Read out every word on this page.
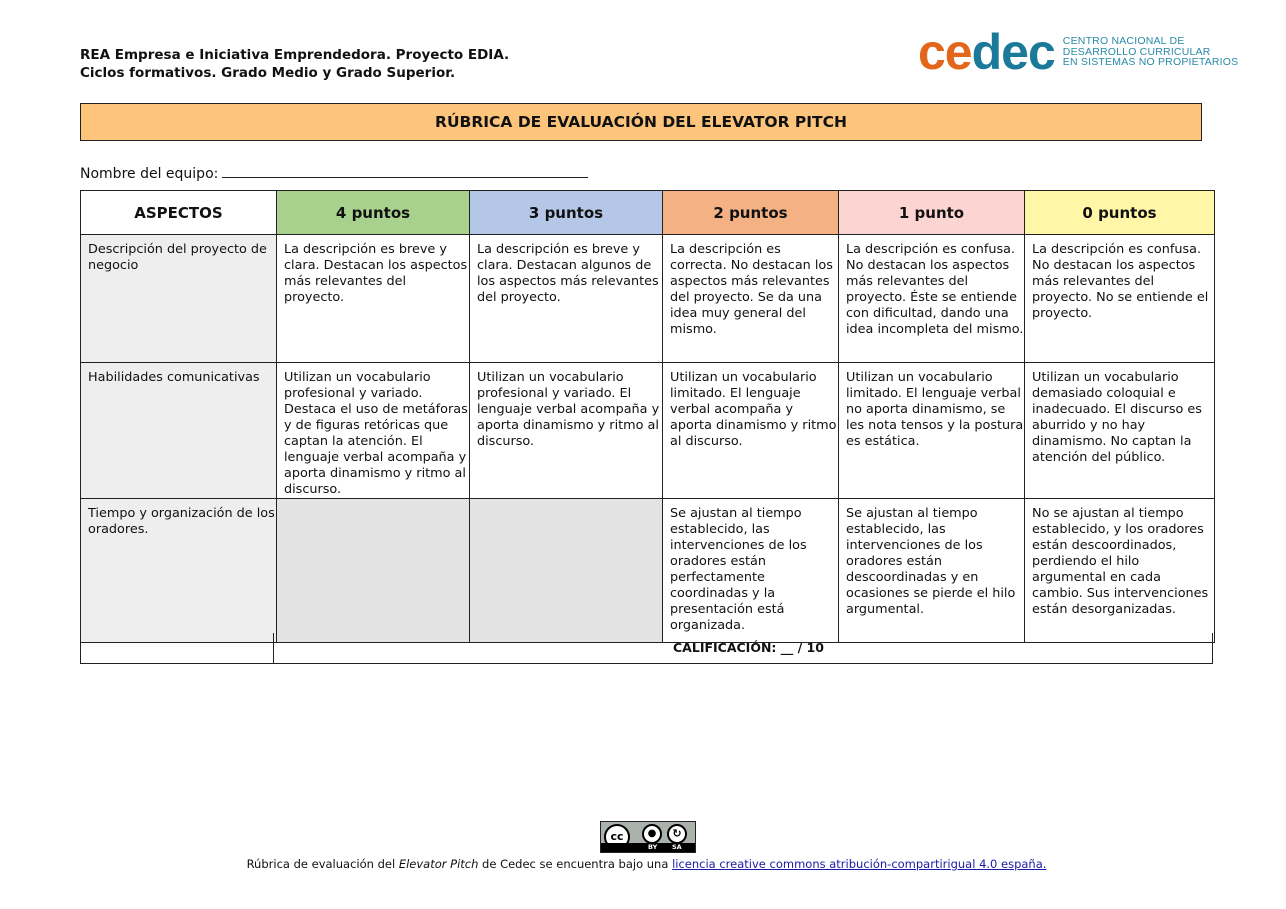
REA Empresa e Iniciativa Emprendedora. Proyecto EDIA.
Ciclos formativos. Grado Medio y Grado Superior.	cedec CENTRO NACIONAL DE
DESARROLLO CURRICULAR
EN SISTEMAS NO PROPIETARIOS
RÚBRICA DE EVALUACIÓN DEL ELEVATOR PITCH
Nombre del equipo:
ASPECTOS	4 puntos	3 puntos	2 puntos	1 punto	0 puntos
Descripción del proyecto de negocio	La descripción es breve y clara. Destacan los aspectos más relevantes del proyecto.	La descripción es breve y clara. Destacan algunos de los aspectos más relevantes del proyecto.	La descripción es correcta. No destacan los aspectos más relevantes del proyecto. Se da una idea muy general del mismo.	La descripción es confusa. No destacan los aspectos más relevantes del proyecto. Éste se entiende con dificultad, dando una idea incompleta del mismo.	La descripción es confusa. No destacan los aspectos más relevantes del proyecto. No se entiende el proyecto.
Habilidades comunicativas	Utilizan un vocabulario profesional y variado. Destaca el uso de metáforas y de figuras retóricas que captan la atención. El lenguaje verbal acompaña y aporta dinamismo y ritmo al discurso.	Utilizan un vocabulario profesional y variado. El lenguaje verbal acompaña y aporta dinamismo y ritmo al discurso.	Utilizan un vocabulario limitado. El lenguaje verbal acompaña y aporta dinamismo y ritmo al discurso.	Utilizan un vocabulario limitado. El lenguaje verbal no aporta dinamismo, se les nota tensos y la postura es estática.	Utilizan un vocabulario demasiado coloquial e inadecuado. El discurso es aburrido y no hay dinamismo. No captan la atención del público.
Tiempo y organización de los oradores.			Se ajustan al tiempo establecido, las intervenciones de los oradores están perfectamente coordinadas y la presentación está organizada.	Se ajustan al tiempo establecido, las intervenciones de los oradores están descoordinadas y en ocasiones se pierde el hilo argumental.	No se ajustan al tiempo establecido, y los oradores están descoordinados, perdiendo el hilo argumental en cada cambio. Sus intervenciones están desorganizadas.
CALIFICACIÓN: __ / 10
cc	●	↻
BY SA
Rúbrica de evaluación del Elevator Pitch de Cedec se encuentra bajo una licencia creative commons atribución-compartirigual 4.0 españa.
